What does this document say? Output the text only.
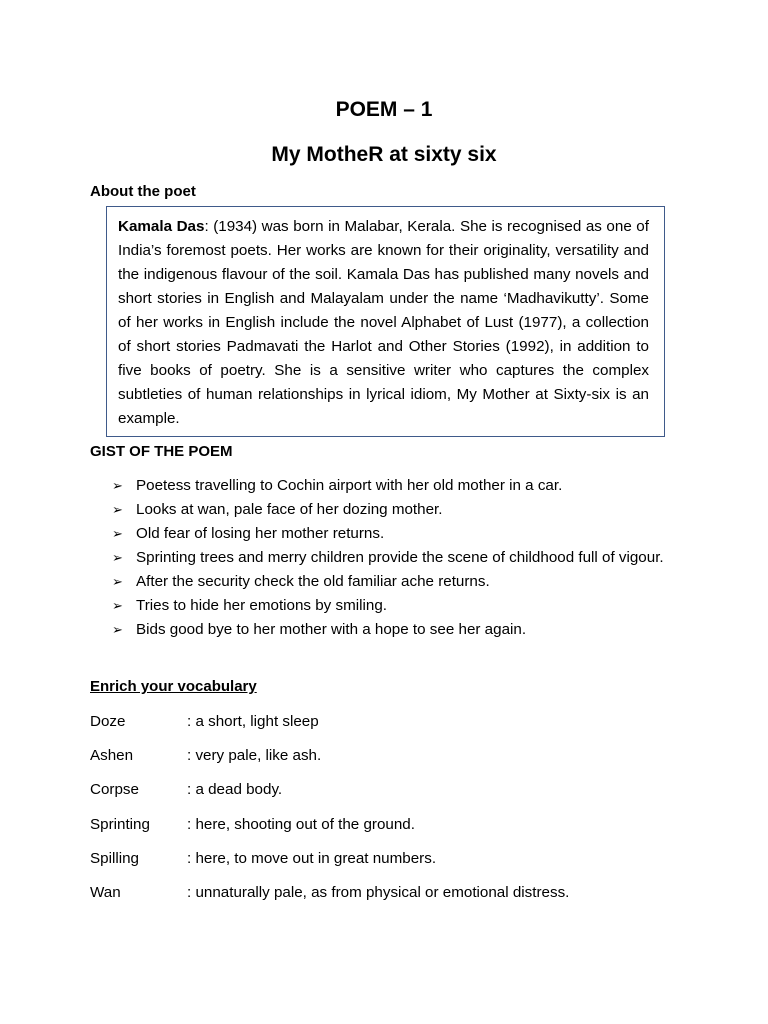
POEM – 1
My MotheR at sixty six
About the poet
Kamala Das: (1934) was born in Malabar, Kerala. She is recognised as one of India’s foremost poets. Her works are known for their originality, versatility and the indigenous flavour of the soil. Kamala Das has published many novels and short stories in English and Malayalam under the name ‘Madhavikutty’. Some of her works in English include the novel Alphabet of Lust (1977), a collection of short stories Padmavati the Harlot and Other Stories (1992), in addition to five books of poetry. She is a sensitive writer who captures the complex subtleties of human relationships in lyrical idiom, My Mother at Sixty-six is an example.
GIST OF THE POEM
➢ Poetess travelling to Cochin airport with her old mother in a car.
➢ Looks at wan, pale face of her dozing mother.
➢ Old fear of losing her mother returns.
➢ Sprinting trees and merry children provide the scene of childhood full of vigour.
➢ After the security check the old familiar ache returns.
➢ Tries to hide her emotions by smiling.
➢ Bids good bye to her mother with a hope to see her again.
Enrich your vocabulary
Doze	: a short, light sleep
Ashen	: very pale, like ash.
Corpse	: a dead body.
Sprinting : here, shooting out of the ground.
Spilling	: here, to move out in great numbers.
Wan	: unnaturally pale, as from physical or emotional distress.
